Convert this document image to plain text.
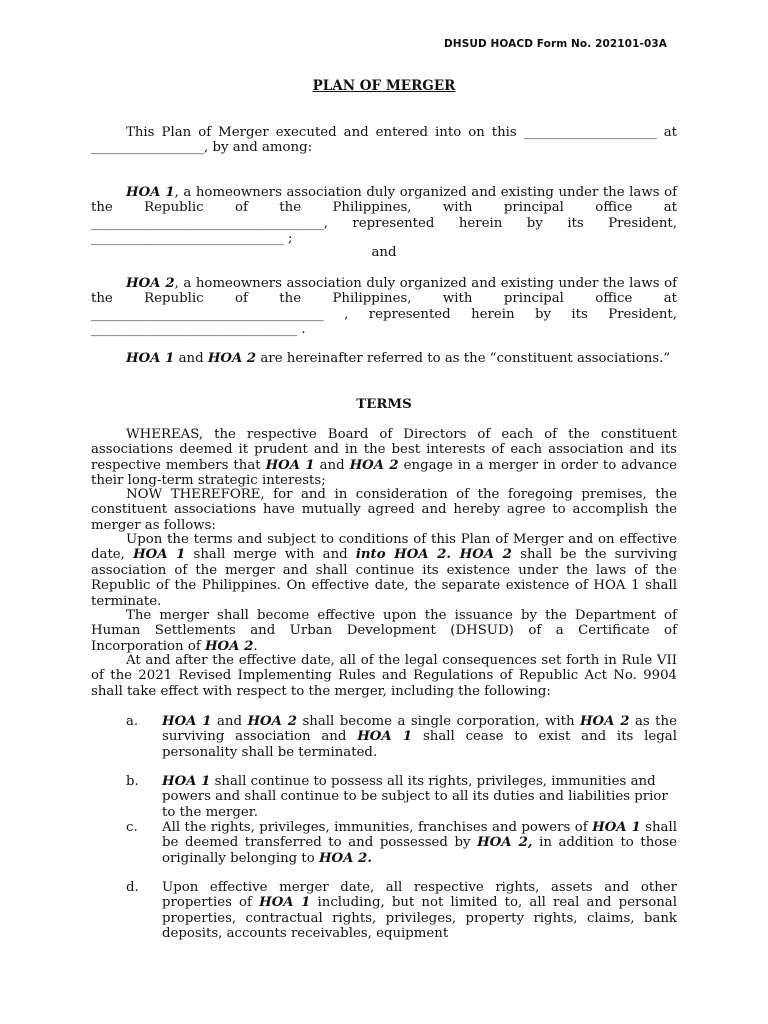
DHSUD HOACD Form No. 202101-03A
PLAN OF MERGER
This Plan of Merger executed and entered into on this ____________________ at _________________, by and among:
HOA 1, a homeowners association duly organized and existing under the laws of the Republic of the Philippines, with principal office at ___________________________________, represented herein by its President, _____________________________ ;
and
HOA 2, a homeowners association duly organized and existing under the laws of the Republic of the Philippines, with principal office at ___________________________________ , represented herein by its President, _______________________________ .
HOA 1 and HOA 2 are hereinafter referred to as the “constituent associations.”
TERMS
WHEREAS, the respective Board of Directors of each of the constituent associations deemed it prudent and in the best interests of each association and its respective members that HOA 1 and HOA 2 engage in a merger in order to advance their long-term strategic interests;
NOW THEREFORE, for and in consideration of the foregoing premises, the constituent associations have mutually agreed and hereby agree to accomplish the merger as follows:
Upon the terms and subject to conditions of this Plan of Merger and on effective date, HOA 1 shall merge with and into HOA 2. HOA 2 shall be the surviving association of the merger and shall continue its existence under the laws of the Republic of the Philippines. On effective date, the separate existence of HOA 1 shall terminate.
The merger shall become effective upon the issuance by the Department of Human Settlements and Urban Development (DHSUD) of a Certificate of Incorporation of HOA 2.
At and after the effective date, all of the legal consequences set forth in Rule VII of the 2021 Revised Implementing Rules and Regulations of Republic Act No. 9904 shall take effect with respect to the merger, including the following:
a.	HOA 1 and HOA 2 shall become a single corporation, with HOA 2 as the surviving association and HOA 1 shall cease to exist and its legal personality shall be terminated.
b.	HOA 1 shall continue to possess all its rights, privileges, immunities and powers and shall continue to be subject to all its duties and liabilities prior to the merger.
c.	All the rights, privileges, immunities, franchises and powers of HOA 1 shall be deemed transferred to and possessed by HOA 2, in addition to those originally belonging to HOA 2.
d.	Upon effective merger date, all respective rights, assets and other properties of HOA 1 including, but not limited to, all real and personal properties, contractual rights, privileges, property rights, claims, bank deposits, accounts receivables, equipment
